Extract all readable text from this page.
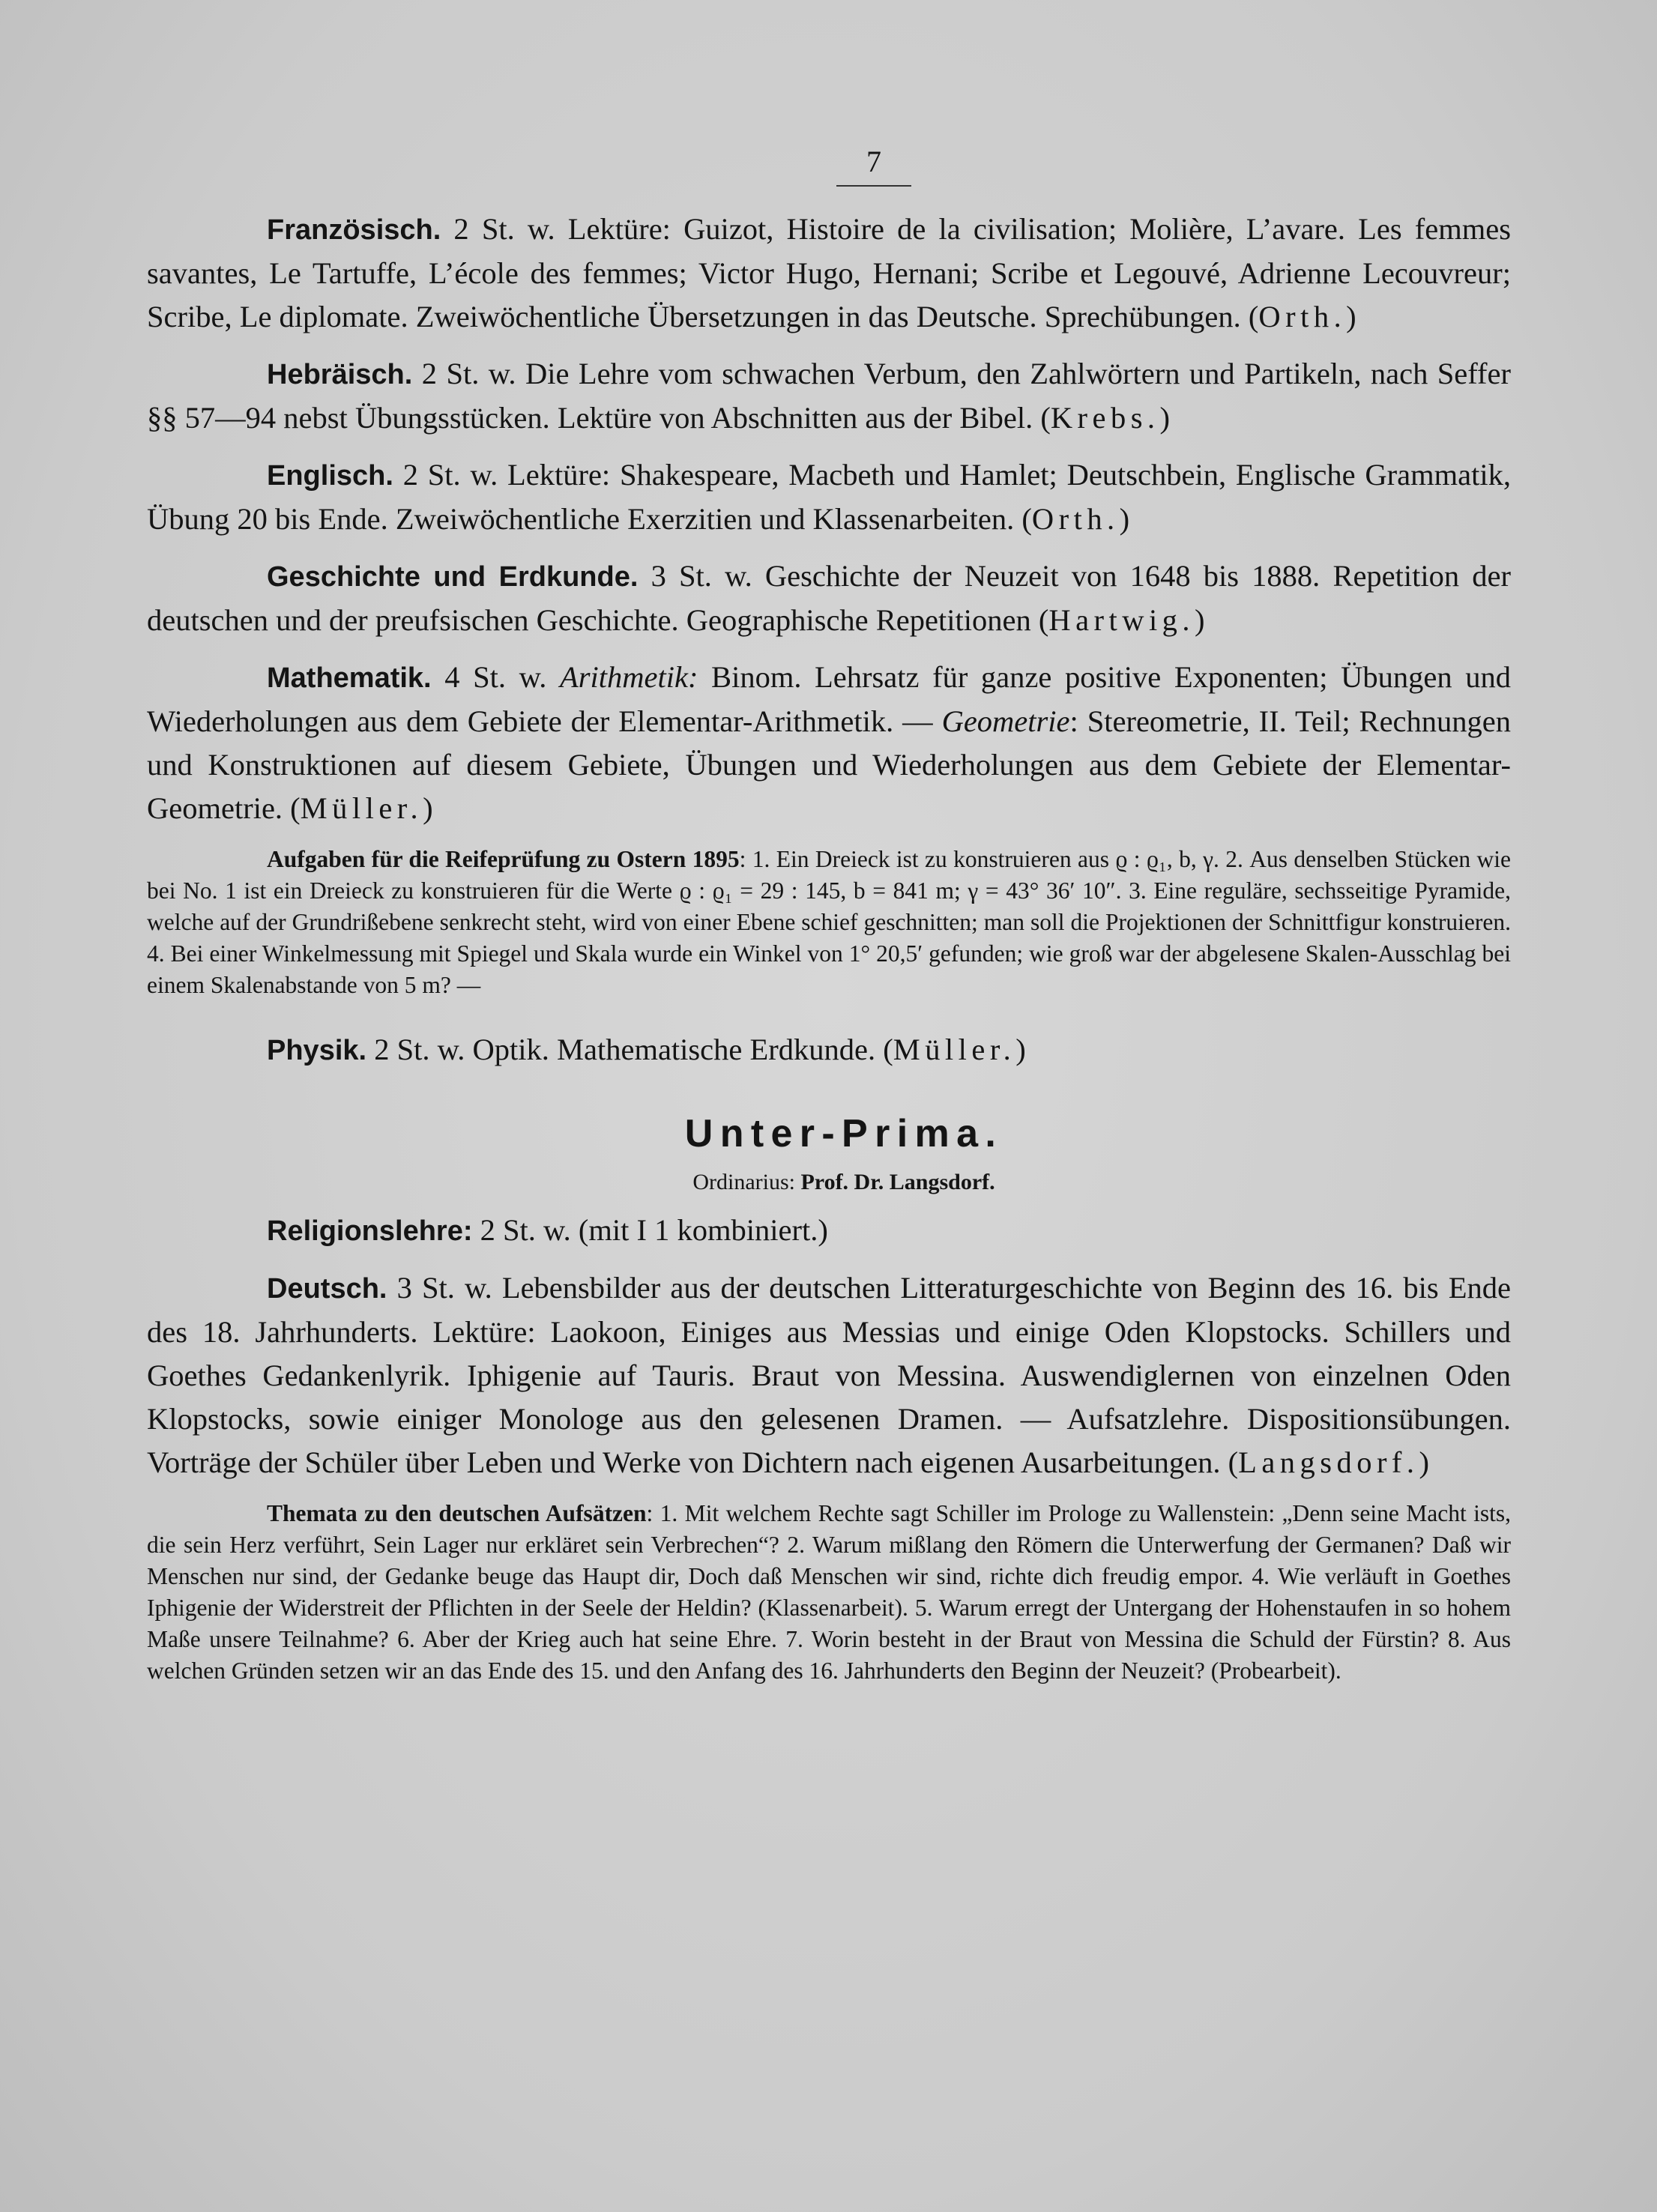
7

Französisch. 2 St. w. Lektüre: Guizot, Histoire de la civilisation; Molière, L’avare. Les femmes savantes, Le Tartuffe, L’école des femmes; Victor Hugo, Hernani; Scribe et Legouvé, Adrienne Lecouvreur; Scribe, Le diplomate. Zweiwöchentliche Übersetzungen in das Deutsche. Sprechübungen. (Orth.)

Hebräisch. 2 St. w. Die Lehre vom schwachen Verbum, den Zahlwörtern und Partikeln, nach Seffer §§ 57—94 nebst Übungsstücken. Lektüre von Abschnitten aus der Bibel. (Krebs.)

Englisch. 2 St. w. Lektüre: Shakespeare, Macbeth und Hamlet; Deutschbein, Englische Grammatik, Übung 20 bis Ende. Zweiwöchentliche Exerzitien und Klassenarbeiten. (Orth.)

Geschichte und Erdkunde. 3 St. w. Geschichte der Neuzeit von 1648 bis 1888. Repetition der deutschen und der preufsischen Geschichte. Geographische Repetitionen (Hartwig.)

Mathematik. 4 St. w. Arithmetik: Binom. Lehrsatz für ganze positive Exponenten; Übungen und Wiederholungen aus dem Gebiete der Elementar-Arithmetik. — Geometrie: Stereometrie, II. Teil; Rechnungen und Konstruktionen auf diesem Gebiete, Übungen und Wiederholungen aus dem Gebiete der Elementar-Geometrie. (Müller.)

Aufgaben für die Reifeprüfung zu Ostern 1895: 1. Ein Dreieck ist zu konstruieren aus ϱ : ϱ₁, b, γ. 2. Aus denselben Stücken wie bei No. 1 ist ein Dreieck zu konstruieren für die Werte ϱ : ϱ₁ = 29 : 145, b = 841 m; γ = 43° 36′ 10″. 3. Eine reguläre, sechsseitige Pyramide, welche auf der Grundrißebene senkrecht steht, wird von einer Ebene schief geschnitten; man soll die Projektionen der Schnittfigur konstruieren. 4. Bei einer Winkelmessung mit Spiegel und Skala wurde ein Winkel von 1° 20,5′ gefunden; wie groß war der abgelesene Skalen-Ausschlag bei einem Skalenabstande von 5 m? —

Physik. 2 St. w. Optik. Mathematische Erdkunde. (Müller.)

Unter-Prima.
Ordinarius: Prof. Dr. Langsdorf.

Religionslehre: 2 St. w. (mit I 1 kombiniert.)

Deutsch. 3 St. w. Lebensbilder aus der deutschen Litteraturgeschichte von Beginn des 16. bis Ende des 18. Jahrhunderts. Lektüre: Laokoon, Einiges aus Messias und einige Oden Klopstocks. Schillers und Goethes Gedankenlyrik. Iphigenie auf Tauris. Braut von Messina. Auswendiglernen von einzelnen Oden Klopstocks, sowie einiger Monologe aus den gelesenen Dramen. — Aufsatzlehre. Dispositionsübungen. Vorträge der Schüler über Leben und Werke von Dichtern nach eigenen Ausarbeitungen. (Langsdorf.)

Themata zu den deutschen Aufsätzen: 1. Mit welchem Rechte sagt Schiller im Prologe zu Wallenstein: „Denn seine Macht ists, die sein Herz verführt, Sein Lager nur erkläret sein Verbrechen“? 2. Warum mißlang den Römern die Unterwerfung der Germanen? Daß wir Menschen nur sind, der Gedanke beuge das Haupt dir, Doch daß Menschen wir sind, richte dich freudig empor. 4. Wie verläuft in Goethes Iphigenie der Widerstreit der Pflichten in der Seele der Heldin? (Klassenarbeit). 5. Warum erregt der Untergang der Hohenstaufen in so hohem Maße unsere Teilnahme? 6. Aber der Krieg auch hat seine Ehre. 7. Worin besteht in der Braut von Messina die Schuld der Fürstin? 8. Aus welchen Gründen setzen wir an das Ende des 15. und den Anfang des 16. Jahrhunderts den Beginn der Neuzeit? (Probearbeit).
